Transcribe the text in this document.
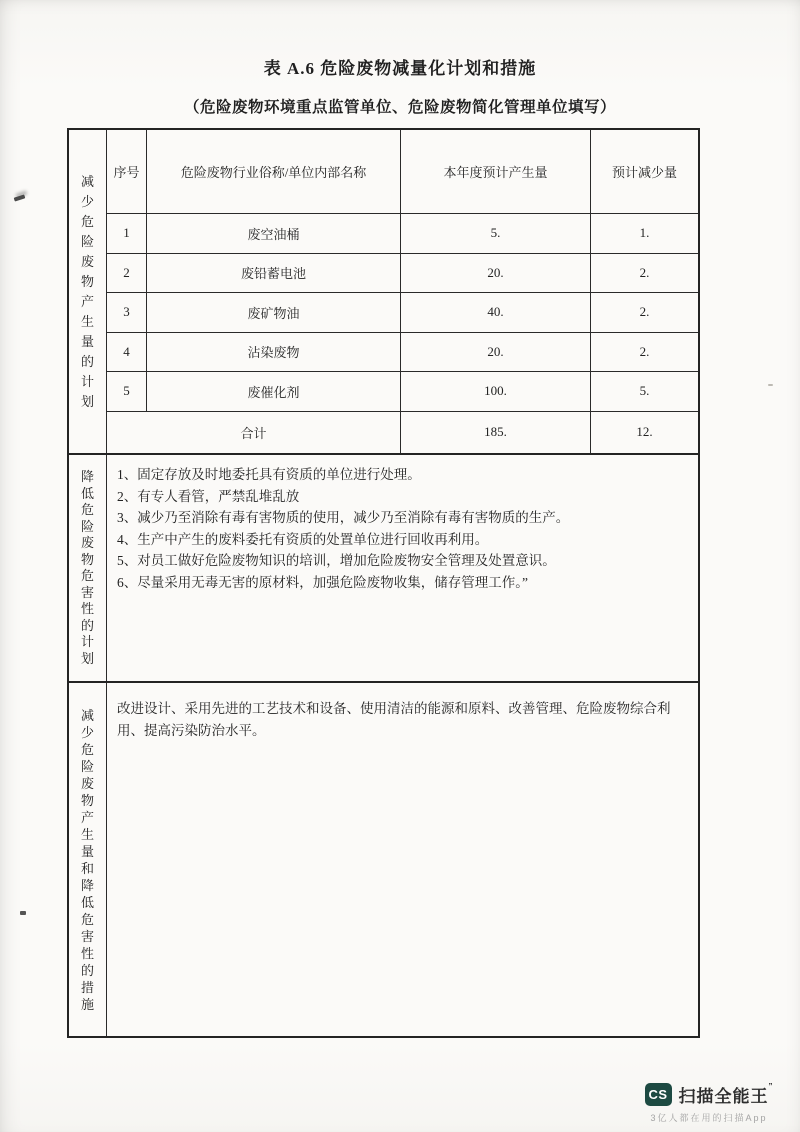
表 A.6 危险废物减量化计划和措施
（危险废物环境重点监管单位、危险废物简化管理单位填写）
减少危险废物产生量的计划
序号	危险废物行业俗称/单位内部名称	本年度预计产生量	预计减少量
1	废空油桶	5.	1.
2	废铅蓄电池	20.	2.
3	废矿物油	40.	2.
4	沾染废物	20.	2.
5	废催化剂	100.	5.
合计	185.	12.
降低危险废物危害性的计划
1、固定存放及时地委托具有资质的单位进行处理。
2、有专人看管，严禁乱堆乱放
3、减少乃至消除有毒有害物质的使用，减少乃至消除有毒有害物质的生产。
4、生产中产生的废料委托有资质的处置单位进行回收再利用。
5、对员工做好危险废物知识的培训，增加危险废物安全管理及处置意识。
6、尽量采用无毒无害的原材料，加强危险废物收集，储存管理工作。”
减少危险废物产生量和降低危害性的措施
改进设计、采用先进的工艺技术和设备、使用清洁的能源和原料、改善管理、危险废物综合利用、提高污染防治水平。
CS 扫描全能王”
3亿人都在用的扫描App
